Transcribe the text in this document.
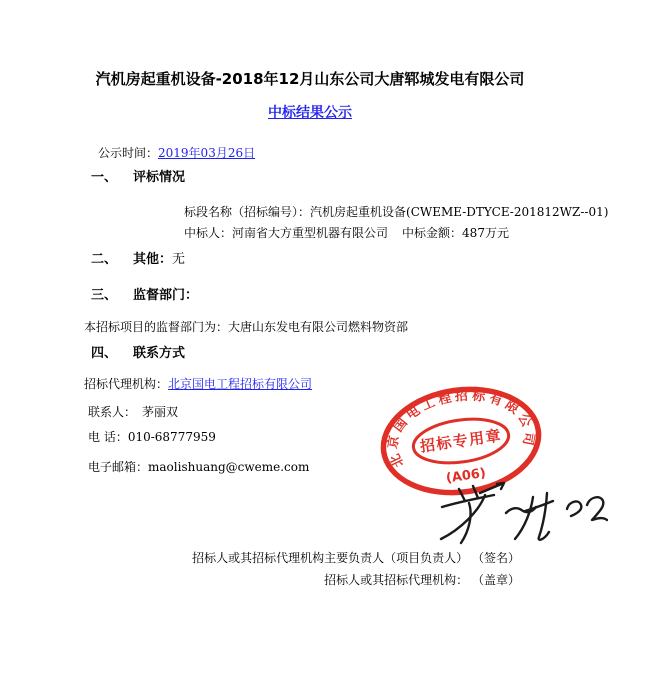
汽机房起重机设备-2018年12月山东公司大唐郓城发电有限公司
中标结果公示
公示时间：2019年03月26日
一、 评标情况
标段名称（招标编号）：汽机房起重机设备(CWEME-DTYCE-201812WZ--01)
中标人：河南省大方重型机器有限公司 中标金额：487万元
二、 其他：无
三、 监督部门：
本招标项目的监督部门为：大唐山东发电有限公司燃料物资部
四、 联系方式
招标代理机构：北京国电工程招标有限公司
联系人： 茅丽双
电 话：010-68777959
电子邮箱：maolishuang@cweme.com	北京国电工程招标有限公司
招标专用章
(A06)
招标人或其招标代理机构主要负责人（项目负责人） （签名）
招标人或其招标代理机构： （盖章）
